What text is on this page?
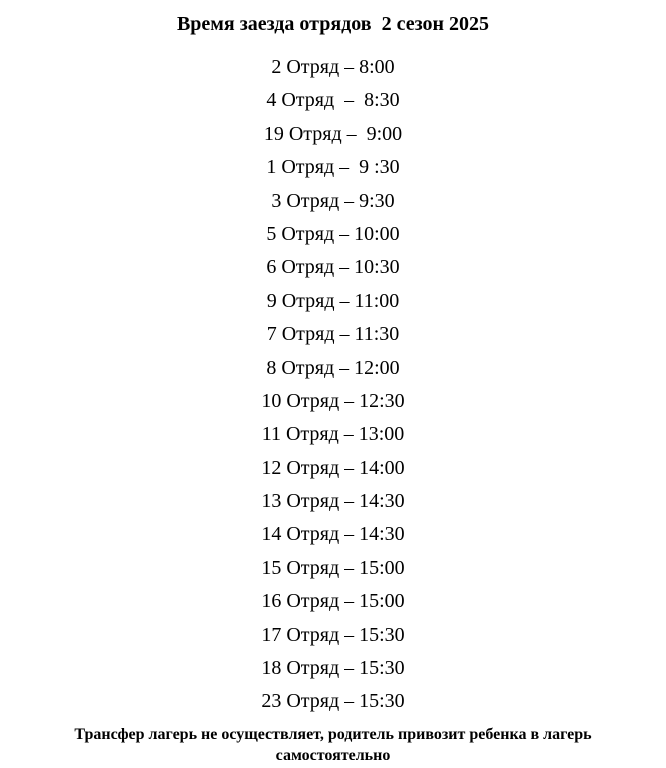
Время заезда отрядов  2 сезон 2025
2 Отряд – 8:00
4 Отряд  –  8:30
19 Отряд –  9:00
1 Отряд –  9 :30
3 Отряд – 9:30
5 Отряд – 10:00
6 Отряд – 10:30
9 Отряд – 11:00
7 Отряд – 11:30
8 Отряд – 12:00
10 Отряд – 12:30
11 Отряд – 13:00
12 Отряд – 14:00
13 Отряд – 14:30
14 Отряд – 14:30
15 Отряд – 15:00
16 Отряд – 15:00
17 Отряд – 15:30
18 Отряд – 15:30
23 Отряд – 15:30
Трансфер лагерь не осуществляет, родитель привозит ребенка в лагерь
самостоятельно
